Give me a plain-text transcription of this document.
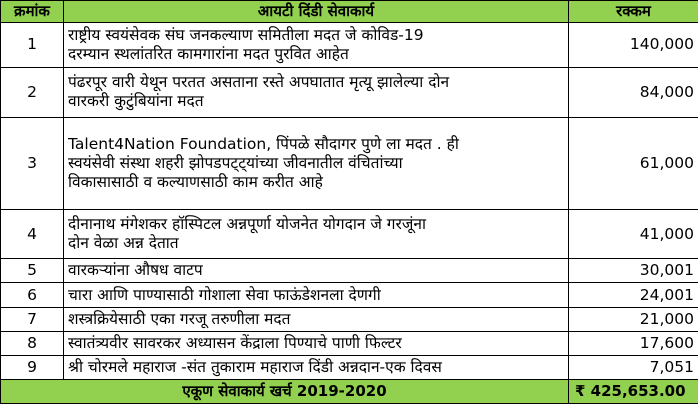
क्रमांक	आयटी दिंडी सेवाकार्य	रक्कम
1	राष्ट्रीय स्वयंसेवक संघ जनकल्याण समितीला मदत जे कोविड-19
दरम्यान स्थलांतरित कामगारांना मदत पुरवित आहेत	140,000
2	पंढरपूर वारी येथून परतत असताना रस्ते अपघातात मृत्यू झालेल्या दोन
वारकरी कुटुंबियांना मदत	84,000
3	Talent4Nation Foundation, पिंपळे सौदागर पुणे ला मदत . ही
स्वयंसेवी संस्था शहरी झोपडपट्ट्यांच्या जीवनातील वंचितांच्या
विकासासाठी व कल्याणसाठी काम करीत आहे	61,000
4	दीनानाथ मंगेशकर हॉस्पिटल अन्नपूर्णा योजनेत योगदान जे गरजूंना
दोन वेळा अन्न देतात	41,000
5	वारकऱ्यांना औषध वाटप	30,001
6	चारा आणि पाण्यासाठी गोशाला सेवा फाऊंडेशनला देणगी	24,001
7	शस्त्रक्रियेसाठी एका गरजू तरुणीला मदत	21,000
8	स्वातंत्र्यवीर सावरकर अध्यासन केंद्राला पिण्याचे पाणी फिल्टर	17,600
9	श्री चोरमले महाराज -संत तुकाराम महाराज दिंडी अन्नदान-एक दिवस	7,051
एकूण सेवाकार्य खर्च 2019-2020		₹ 425,653.00
